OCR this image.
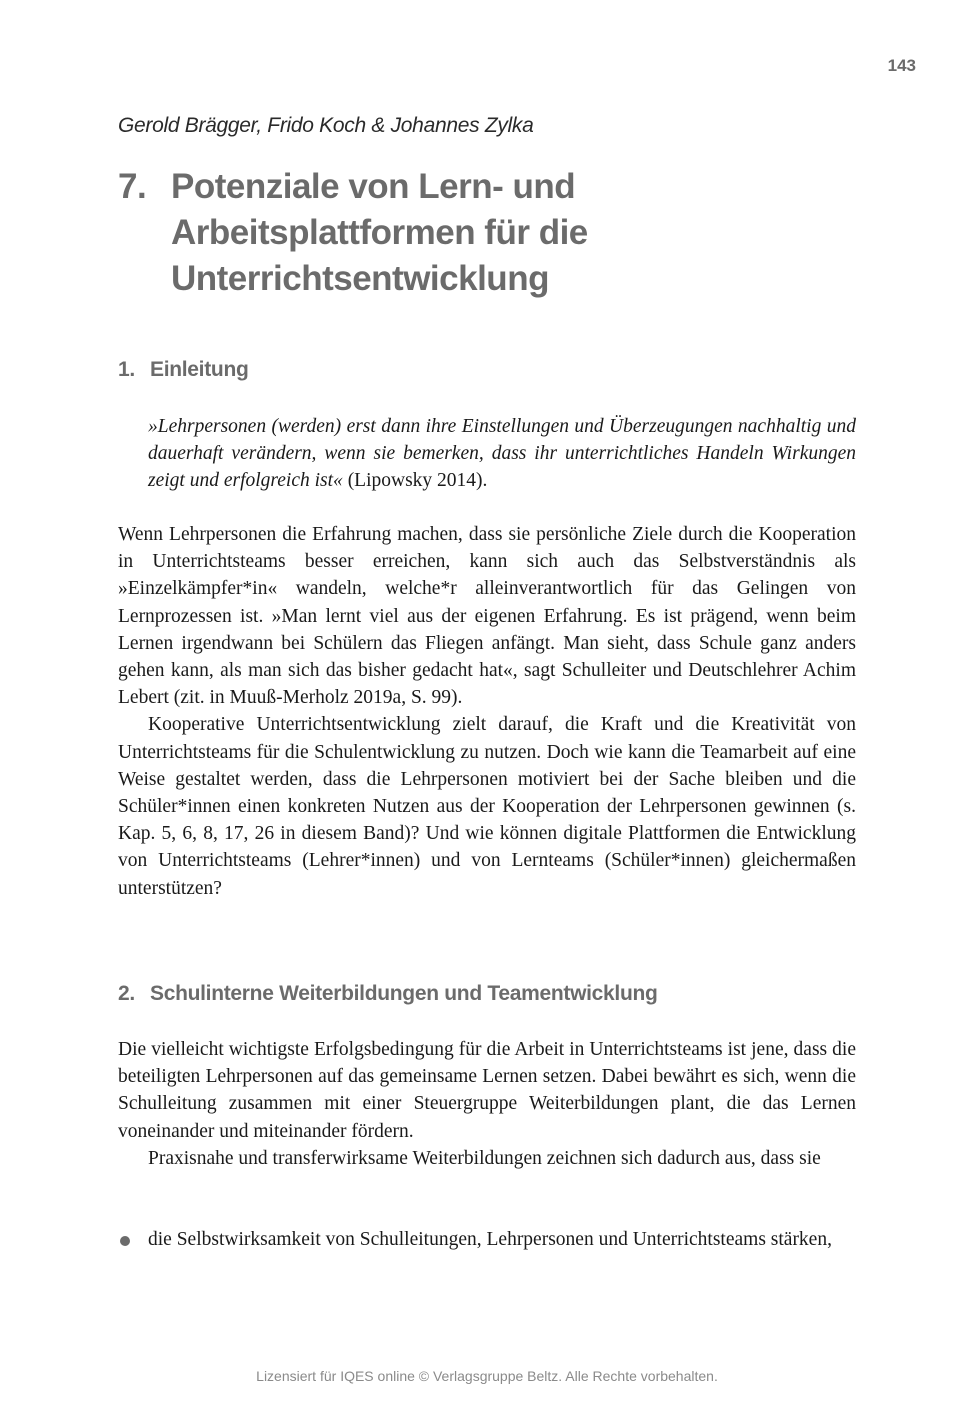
143
Gerold Brägger, Frido Koch & Johannes Zylka
7. Potenziale von Lern- und Arbeitsplattformen für die Unterrichtsentwicklung
1. Einleitung
»Lehrpersonen (werden) erst dann ihre Einstellungen und Überzeugungen nachhaltig und dauerhaft verändern, wenn sie bemerken, dass ihr unterrichtliches Handeln Wirkungen zeigt und erfolgreich ist« (Lipowsky 2014).

Wenn Lehrpersonen die Erfahrung machen, dass sie persönliche Ziele durch die Kooperation in Unterrichtsteams besser erreichen, kann sich auch das Selbstverständnis als »Einzelkämpfer*in« wandeln, welche*r alleinverantwortlich für das Gelingen von Lernprozessen ist. »Man lernt viel aus der eigenen Erfahrung. Es ist prägend, wenn beim Lernen irgendwann bei Schülern das Fliegen anfängt. Man sieht, dass Schule ganz anders gehen kann, als man sich das bisher gedacht hat«, sagt Schulleiter und Deutschlehrer Achim Lebert (zit. in Muuß-Merholz 2019a, S. 99).

Kooperative Unterrichtsentwicklung zielt darauf, die Kraft und die Kreativität von Unterrichtsteams für die Schulentwicklung zu nutzen. Doch wie kann die Teamarbeit auf eine Weise gestaltet werden, dass die Lehrpersonen motiviert bei der Sache bleiben und die Schüler*innen einen konkreten Nutzen aus der Kooperation der Lehrpersonen gewinnen (s. Kap. 5, 6, 8, 17, 26 in diesem Band)? Und wie können digitale Plattformen die Entwicklung von Unterrichtsteams (Lehrer*innen) und von Lernteams (Schüler*innen) gleichermaßen unterstützen?

2. Schulinterne Weiterbildungen und Teamentwicklung

Die vielleicht wichtigste Erfolgsbedingung für die Arbeit in Unterrichtsteams ist jene, dass die beteiligten Lehrpersonen auf das gemeinsame Lernen setzen. Dabei bewährt es sich, wenn die Schulleitung zusammen mit einer Steuergruppe Weiterbildungen plant, die das Lernen voneinander und miteinander fördern.

Praxisnahe und transferwirksame Weiterbildungen zeichnen sich dadurch aus, dass sie

die Selbstwirksamkeit von Schulleitungen, Lehrpersonen und Unterrichtsteams stärken,
Lizensiert für IQES online © Verlagsgruppe Beltz. Alle Rechte vorbehalten.
